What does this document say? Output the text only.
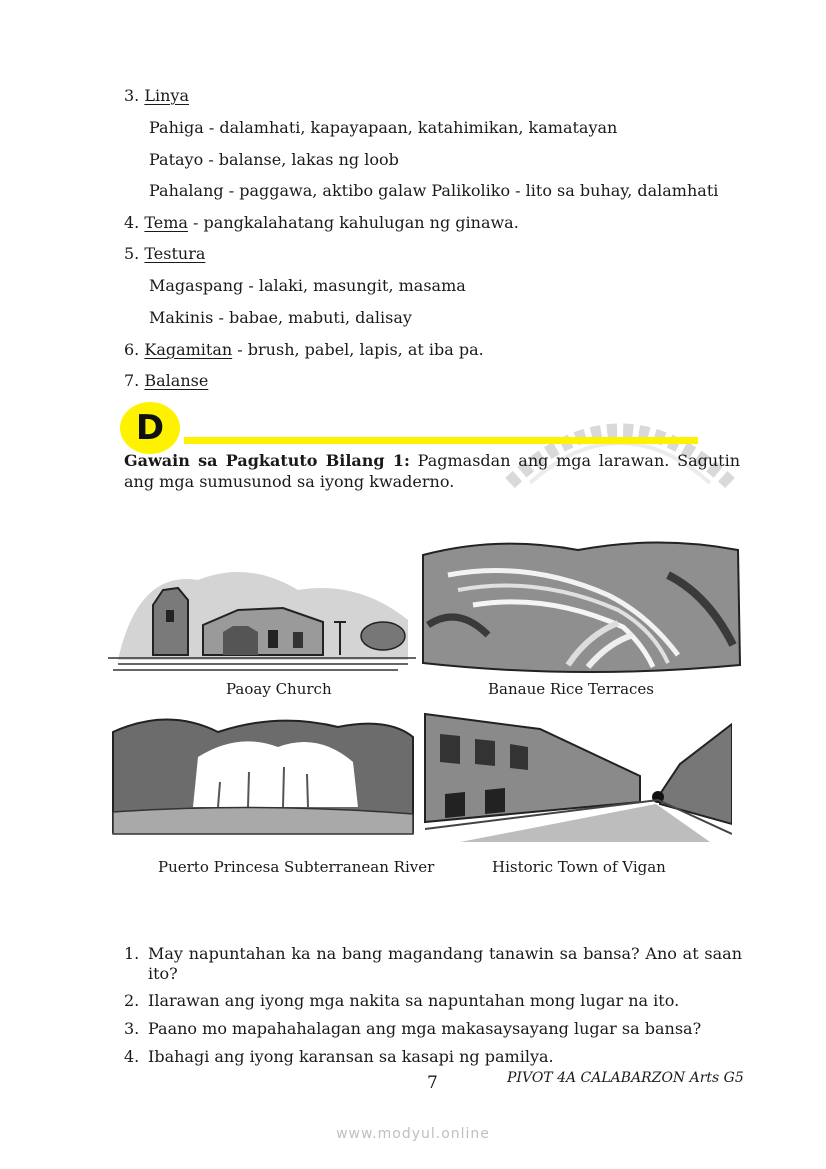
3. Linya
Pahiga - dalamhati, kapayapaan, katahimikan, kamatayan
Patayo - balanse, lakas ng loob
Pahalang - paggawa, aktibo galaw Palikoliko - lito sa buhay, dalamhati
4. Tema - pangkalahatang kahulugan ng ginawa.
5. Testura
Magaspang - lalaki, masungit, masama
Makinis - babae, mabuti, dalisay
6. Kagamitan - brush, pabel, lapis, at iba pa.
7. Balanse
D
Gawain sa Pagkatuto Bilang 1: Pagmasdan ang mga larawan. Sagutin ang mga sumusunod sa iyong kwaderno.
Paoay Church	Banaue Rice Terraces
Puerto Princesa Subterranean River	Historic Town of Vigan
1. May napuntahan ka na bang magandang tanawin sa bansa? Ano at saan ito?
2. Ilarawan ang iyong mga nakita sa napuntahan mong lugar na ito.
3. Paano mo mapahahalagan ang mga makasaysayang lugar sa bansa?
4. Ibahagi ang iyong karansan sa kasapi ng pamilya.
7	PIVOT 4A CALABARZON Arts G5
www.modyul.online
